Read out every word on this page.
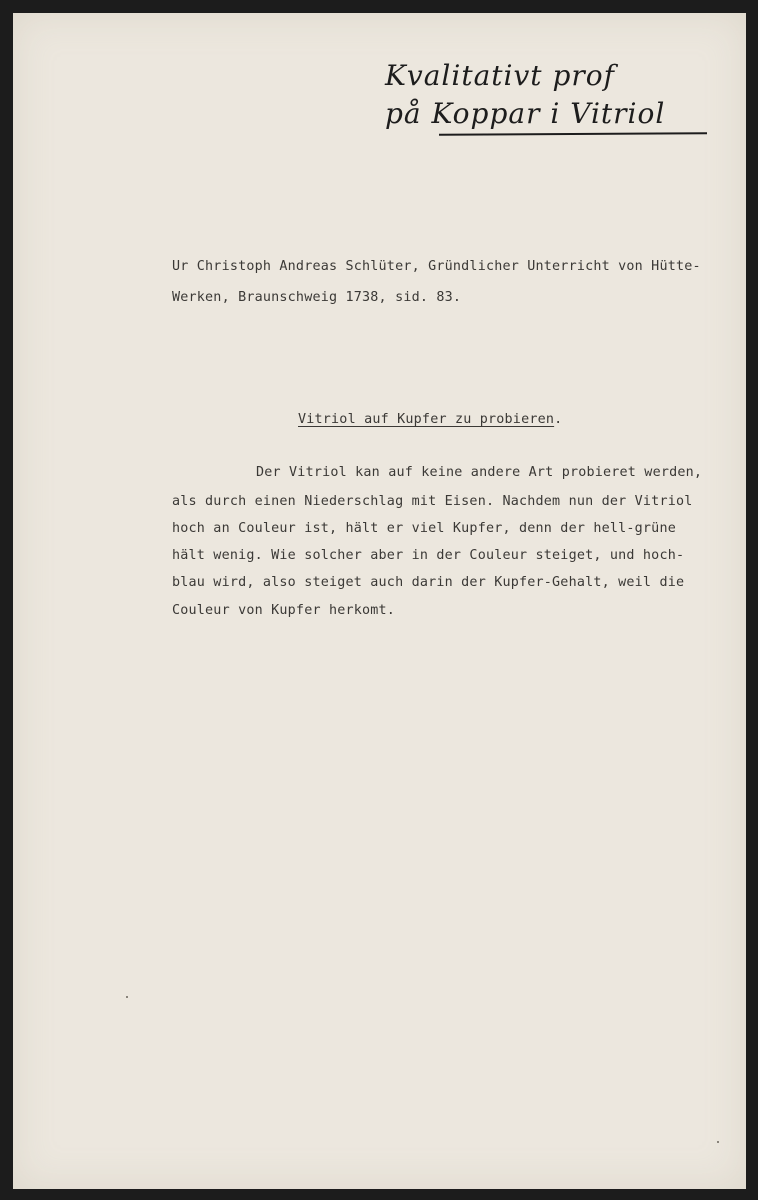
Kvalitativt prof
på Koppar i Vitriol
Ur Christoph Andreas Schlüter, Gründlicher Unterricht von Hütte-
Werken, Braunschweig 1738, sid. 83.
Vitriol auf Kupfer zu probieren.
Der Vitriol kan auf keine andere Art probieret werden,
als durch einen Niederschlag mit Eisen. Nachdem nun der Vitriol
hoch an Couleur ist, hält er viel Kupfer, denn der hell-grüne
hält wenig. Wie solcher aber in der Couleur steiget, und hoch-
blau wird, also steiget auch darin der Kupfer-Gehalt, weil die
Couleur von Kupfer herkomt.
